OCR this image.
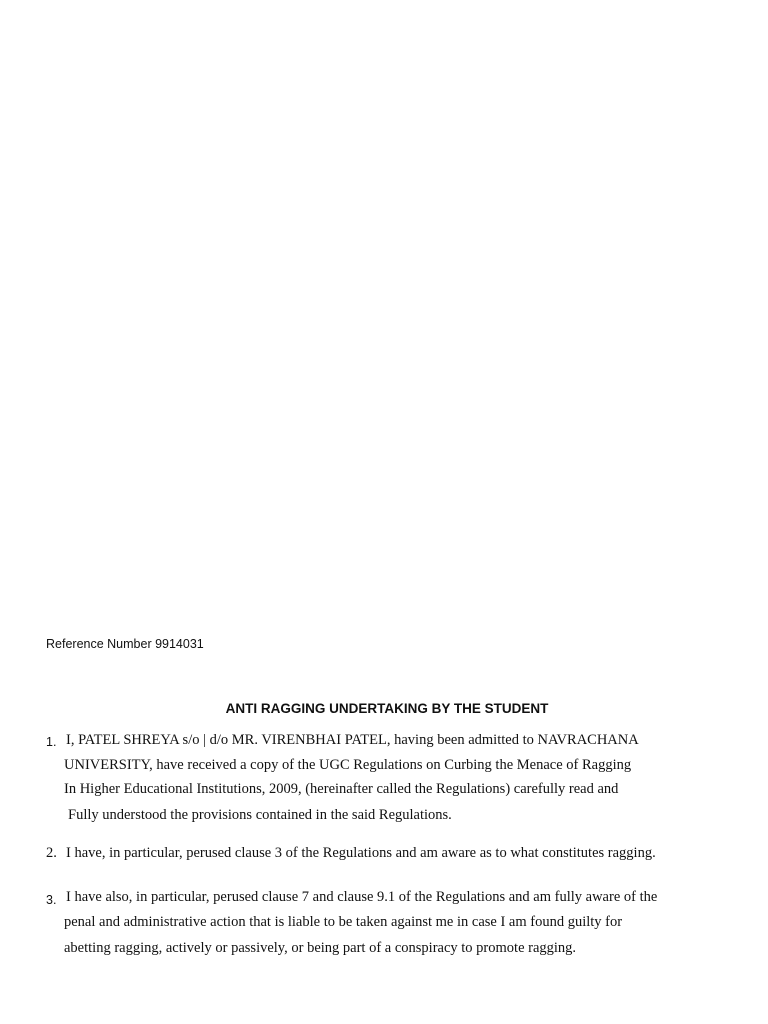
Reference Number 9914031
ANTI RAGGING UNDERTAKING BY THE STUDENT
1. I, PATEL SHREYA s/o | d/o MR. VIRENBHAI PATEL, having been admitted to NAVRACHANA
UNIVERSITY, have received a copy of the UGC Regulations on Curbing the Menace of Ragging
In Higher Educational Institutions, 2009, (hereinafter called the Regulations) carefully read and
Fully understood the provisions contained in the said Regulations.
2. I have, in particular, perused clause 3 of the Regulations and am aware as to what constitutes ragging.
3. I have also, in particular, perused clause 7 and clause 9.1 of the Regulations and am fully aware of the
penal and administrative action that is liable to be taken against me in case I am found guilty for
abetting ragging, actively or passively, or being part of a conspiracy to promote ragging.
